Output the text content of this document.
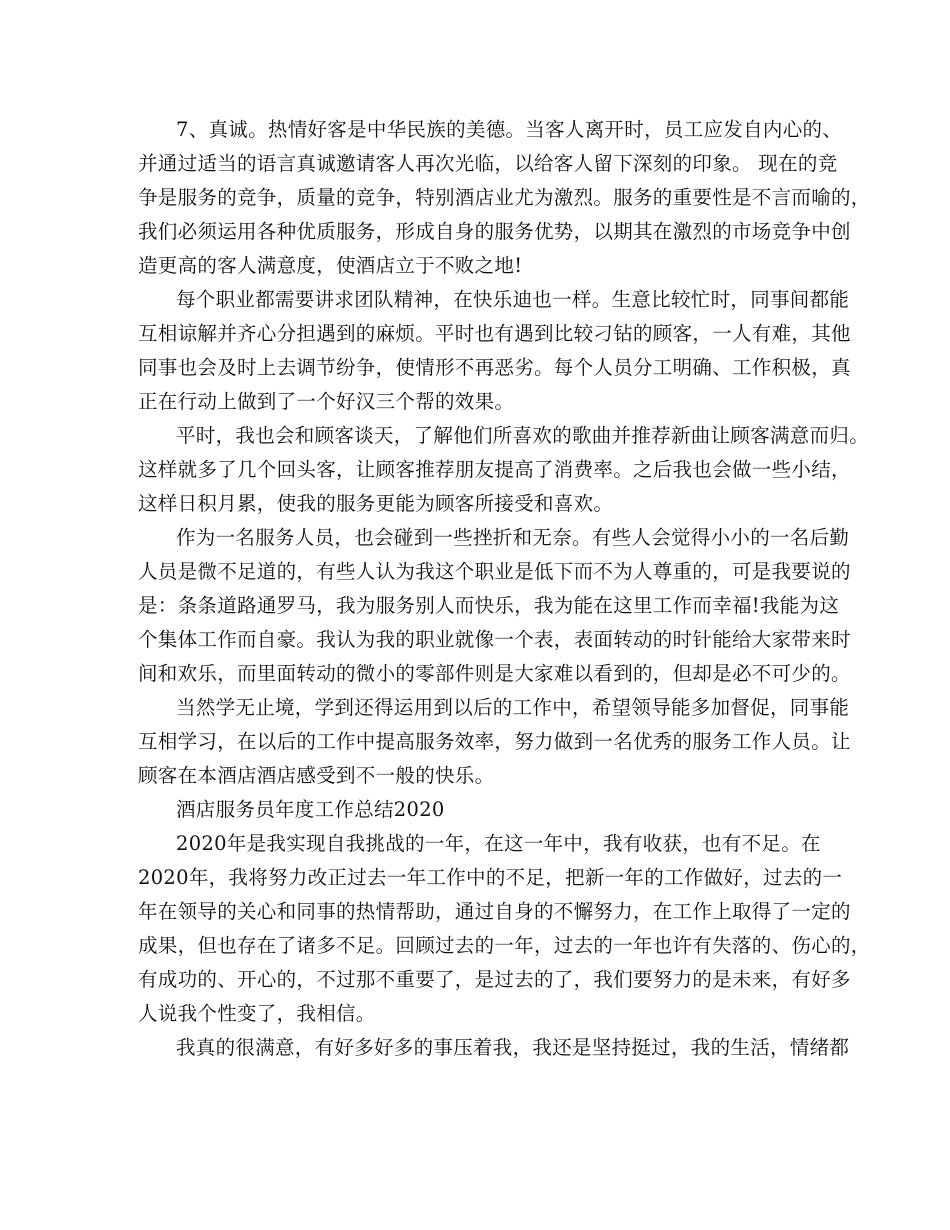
7、真诚。热情好客是中华民族的美德。当客人离开时，员工应发自内心的、

并通过适当的语言真诚邀请客人再次光临，以给客人留下深刻的印象。 现在的竞

争是服务的竞争，质量的竞争，特别酒店业尤为激烈。服务的重要性是不言而喻的，

我们必须运用各种优质服务，形成自身的服务优势，以期其在激烈的市场竞争中创

造更高的客人满意度，使酒店立于不败之地!

每个职业都需要讲求团队精神，在快乐迪也一样。生意比较忙时，同事间都能

互相谅解并齐心分担遇到的麻烦。平时也有遇到比较刁钻的顾客，一人有难，其他

同事也会及时上去调节纷争，使情形不再恶劣。每个人员分工明确、工作积极，真

正在行动上做到了一个好汉三个帮的效果。

平时，我也会和顾客谈天，了解他们所喜欢的歌曲并推荐新曲让顾客满意而归。

这样就多了几个回头客，让顾客推荐朋友提高了消费率。之后我也会做一些小结，

这样日积月累，使我的服务更能为顾客所接受和喜欢。

作为一名服务人员，也会碰到一些挫折和无奈。有些人会觉得小小的一名后勤

人员是微不足道的，有些人认为我这个职业是低下而不为人尊重的，可是我要说的

是：条条道路通罗马，我为服务别人而快乐，我为能在这里工作而幸福!我能为这

个集体工作而自豪。我认为我的职业就像一个表，表面转动的时针能给大家带来时

间和欢乐，而里面转动的微小的零部件则是大家难以看到的，但却是必不可少的。

当然学无止境，学到还得运用到以后的工作中，希望领导能多加督促，同事能

互相学习，在以后的工作中提高服务效率，努力做到一名优秀的服务工作人员。让

顾客在本酒店酒店感受到不一般的快乐。

酒店服务员年度工作总结2020

2020年是我实现自我挑战的一年，在这一年中，我有收获，也有不足。在

2020年，我将努力改正过去一年工作中的不足，把新一年的工作做好，过去的一

年在领导的关心和同事的热情帮助，通过自身的不懈努力，在工作上取得了一定的

成果，但也存在了诸多不足。回顾过去的一年，过去的一年也许有失落的、伤心的，

有成功的、开心的，不过那不重要了，是过去的了，我们要努力的是未来，有好多

人说我个性变了，我相信。

我真的很满意，有好多好多的事压着我，我还是坚持挺过，我的生活，情绪都
